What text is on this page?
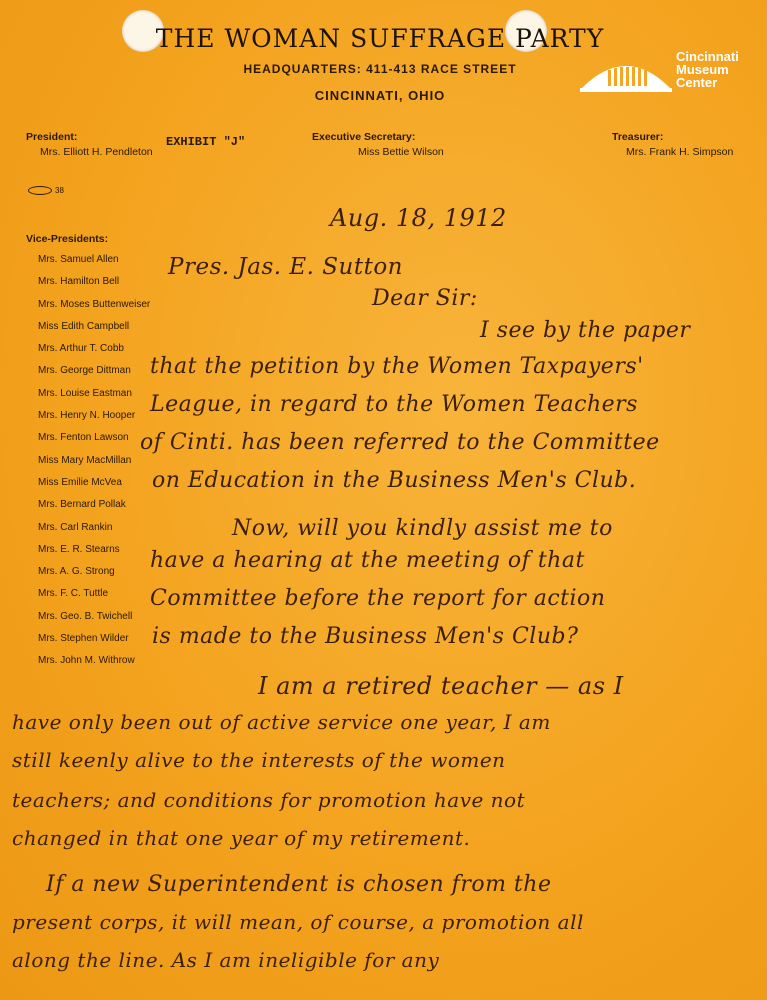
THE WOMAN SUFFRAGE PARTY
HEADQUARTERS: 411-413 RACE STREET
CINCINNATI, OHIO
Cincinnati
Museum
Center
President:
Mrs. Elliott H. Pendleton
EXHIBIT "J"	Executive Secretary:
Miss Bettie Wilson
Treasurer:
Mrs. Frank H. Simpson
38
Vice-Presidents:
Mrs. Samuel Allen
Mrs. Hamilton Bell
Mrs. Moses Buttenweiser
Miss Edith Campbell
Mrs. Arthur T. Cobb
Mrs. George Dittman
Mrs. Louise Eastman
Mrs. Henry N. Hooper
Mrs. Fenton Lawson
Miss Mary MacMillan
Miss Emilie McVea
Mrs. Bernard Pollak
Mrs. Carl Rankin
Mrs. E. R. Stearns
Mrs. A. G. Strong
Mrs. F. C. Tuttle
Mrs. Geo. B. Twichell
Mrs. Stephen Wilder
Mrs. John M. Withrow
Aug. 18, 1912
Pres. Jas. E. Sutton
Dear Sir:
I see by the paper
that the petition by the Women Taxpayers'
League, in regard to the Women Teachers
of Cinti. has been referred to the Committee
on Education in the Business Men's Club.
Now, will you kindly assist me to
have a hearing at the meeting of that
Committee before the report for action
is made to the Business Men's Club?
I am a retired teacher — as I
have only been out of active service one year, I am
still keenly alive to the interests of the women
teachers; and conditions for promotion have not
changed in that one year of my retirement.
If a new Superintendent is chosen from the
present corps, it will mean, of course, a promotion all
along the line. As I am ineligible for any
